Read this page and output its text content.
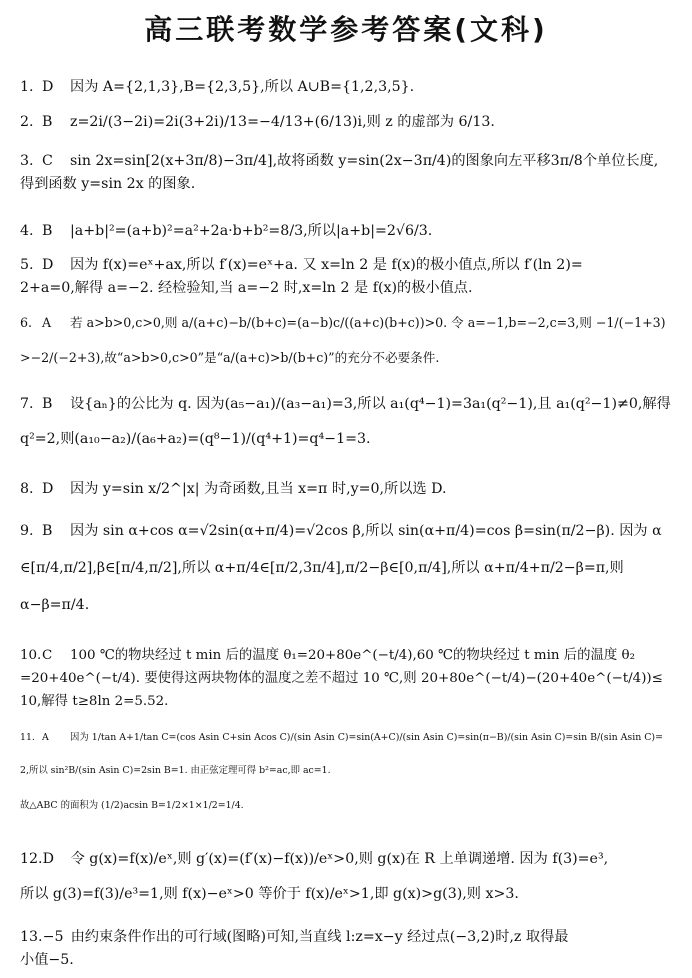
高三联考数学参考答案(文科)
1. D 因为 A={2,1,3},B={2,3,5},所以 A∪B={1,2,3,5}.
2. B z=2i/(3−2i)=2i(3+2i)/13=−4/13+(6/13)i,则 z 的虚部为 6/13.
3. C sin 2x=sin[2(x+3π/8)−3π/4],故将函数 y=sin(2x−3π/4)的图象向左平移3π/8个单位长度,
得到函数 y=sin 2x 的图象.
4. B |a+b|²=(a+b)²=a²+2a·b+b²=8/3,所以|a+b|=2√6/3.
5. D 因为 f(x)=eˣ+ax,所以 f′(x)=eˣ+a. 又 x=ln 2 是 f(x)的极小值点,所以 f′(ln 2)=
2+a=0,解得 a=−2. 经检验知,当 a=−2 时,x=ln 2 是 f(x)的极小值点.
6. A 若 a>b>0,c>0,则 a/(a+c)−b/(b+c)=(a−b)c/((a+c)(b+c))>0. 令 a=−1,b=−2,c=3,则 −1/(−1+3)
>−2/(−2+3),故“a>b>0,c>0”是“a/(a+c)>b/(b+c)”的充分不必要条件.
7. B 设{aₙ}的公比为 q. 因为(a₅−a₁)/(a₃−a₁)=3,所以 a₁(q⁴−1)=3a₁(q²−1),且 a₁(q²−1)≠0,解得
q²=2,则(a₁₀−a₂)/(a₆+a₂)=(q⁸−1)/(q⁴+1)=q⁴−1=3.
8. D 因为 y=sin x/2^|x| 为奇函数,且当 x=π 时,y=0,所以选 D.
9. B 因为 sin α+cos α=√2sin(α+π/4)=√2cos β,所以 sin(α+π/4)=cos β=sin(π/2−β). 因为 α
∈[π/4,π/2],β∈[π/4,π/2],所以 α+π/4∈[π/2,3π/4],π/2−β∈[0,π/4],所以 α+π/4+π/2−β=π,则
α−β=π/4.
10.C 100 ℃的物块经过 t min 后的温度 θ₁=20+80e^(−t/4),60 ℃的物块经过 t min 后的温度 θ₂
=20+40e^(−t/4). 要使得这两块物体的温度之差不超过 10 ℃,则 20+80e^(−t/4)−(20+40e^(−t/4))≤
10,解得 t≥8ln 2=5.52.
11. A 因为 1/tan A+1/tan C=(cos Asin C+sin Acos C)/(sin Asin C)=sin(A+C)/(sin Asin C)=sin(π−B)/(sin Asin C)=sin B/(sin Asin C)=
2,所以 sin²B/(sin Asin C)=2sin B=1. 由正弦定理可得 b²=ac,即 ac=1.
故△ABC 的面积为 (1/2)acsin B=1/2×1×1/2=1/4.
12.D 令 g(x)=f(x)/eˣ,则 g′(x)=(f′(x)−f(x))/eˣ>0,则 g(x)在 R 上单调递增. 因为 f(3)=e³,
所以 g(3)=f(3)/e³=1,则 f(x)−eˣ>0 等价于 f(x)/eˣ>1,即 g(x)>g(3),则 x>3.
13.−5 由约束条件作出的可行域(图略)可知,当直线 l:z=x−y 经过点(−3,2)时,z 取得最
小值−5.
